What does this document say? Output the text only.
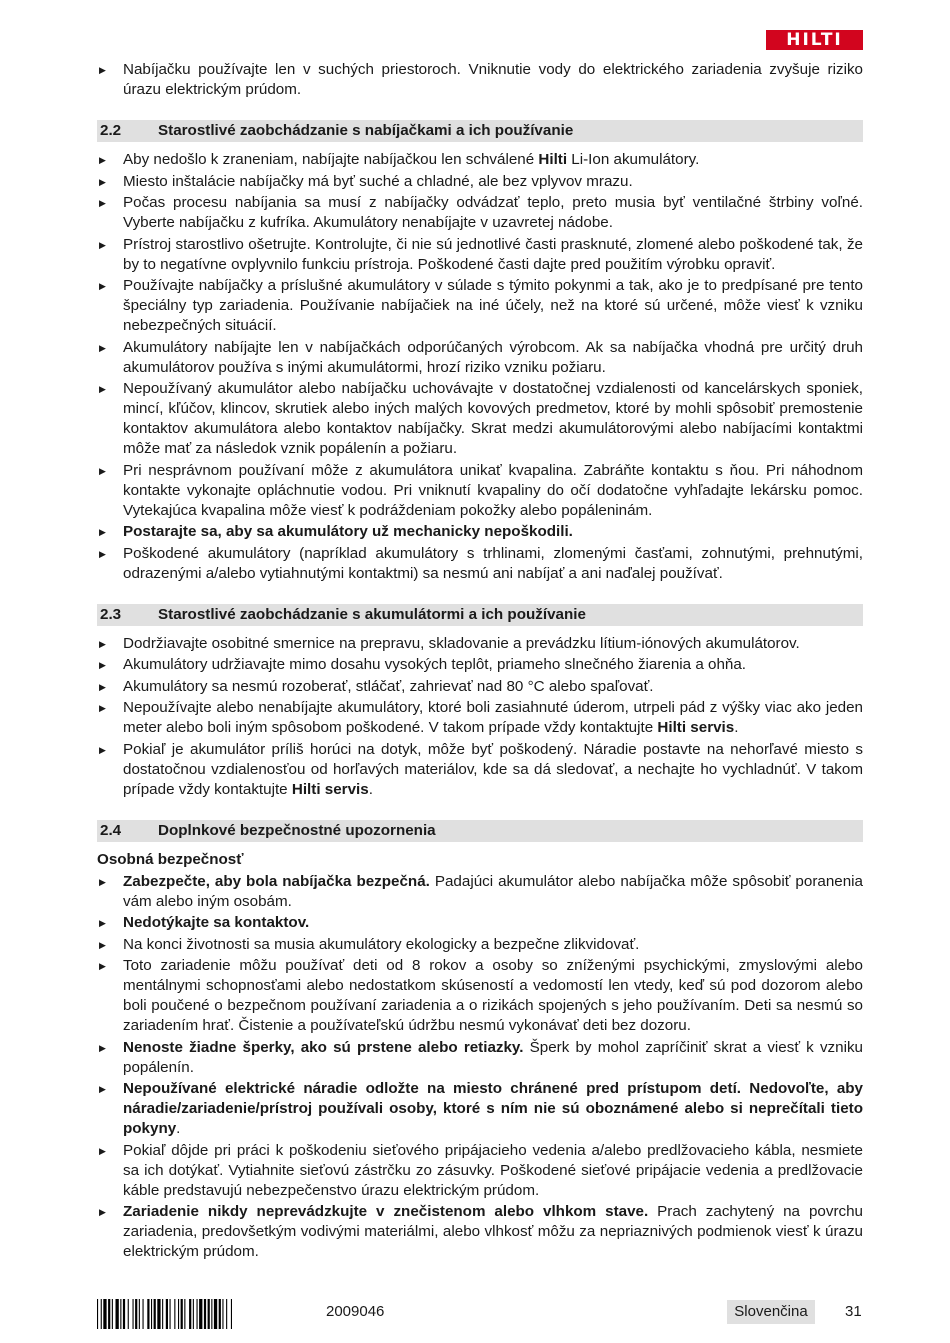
HILTI
▶ Nabíjačku používajte len v suchých priestoroch. Vniknutie vody do elektrického zariadenia zvyšuje riziko úrazu elektrickým prúdom.
2.2	Starostlivé zaobchádzanie s nabíjačkami a ich používanie
▶ Aby nedošlo k zraneniam, nabíjajte nabíjačkou len schválené Hilti Li-Ion akumulátory.
▶ Miesto inštalácie nabíjačky má byť suché a chladné, ale bez vplyvov mrazu.
▶ Počas procesu nabíjania sa musí z nabíjačky odvádzať teplo, preto musia byť ventilačné štrbiny voľné. Vyberte nabíjačku z kufríka. Akumulátory nenabíjajte v uzavretej nádobe.
▶ Prístroj starostlivo ošetrujte. Kontrolujte, či nie sú jednotlivé časti prasknuté, zlomené alebo poškodené tak, že by to negatívne ovplyvnilo funkciu prístroja. Poškodené časti dajte pred použitím výrobku opraviť.
▶ Používajte nabíjačky a príslušné akumulátory v súlade s týmito pokynmi a tak, ako je to predpísané pre tento špeciálny typ zariadenia. Používanie nabíjačiek na iné účely, než na ktoré sú určené, môže viesť k vzniku nebezpečných situácií.
▶ Akumulátory nabíjajte len v nabíjačkách odporúčaných výrobcom. Ak sa nabíjačka vhodná pre určitý druh akumulátorov používa s inými akumulátormi, hrozí riziko vzniku požiaru.
▶ Nepoužívaný akumulátor alebo nabíjačku uchovávajte v dostatočnej vzdialenosti od kancelárskych sponiek, mincí, kľúčov, klincov, skrutiek alebo iných malých kovových predmetov, ktoré by mohli spôsobiť premostenie kontaktov akumulátora alebo kontaktov nabíjačky. Skrat medzi akumulátorovými alebo nabíjacími kontaktmi môže mať za následok vznik popálenín a požiaru.
▶ Pri nesprávnom používaní môže z akumulátora unikať kvapalina. Zabráňte kontaktu s ňou. Pri náhodnom kontakte vykonajte opláchnutie vodou. Pri vniknutí kvapaliny do očí dodatočne vyhľadajte lekársku pomoc. Vytekajúca kvapalina môže viesť k podráždeniam pokožky alebo popáleninám.
▶ Postarajte sa, aby sa akumulátory už mechanicky nepoškodili.
▶ Poškodené akumulátory (napríklad akumulátory s trhlinami, zlomenými časťami, zohnutými, prehnutými, odrazenými a/alebo vytiahnutými kontaktmi) sa nesmú ani nabíjať a ani naďalej používať.
2.3	Starostlivé zaobchádzanie s akumulátormi a ich používanie
▶ Dodržiavajte osobitné smernice na prepravu, skladovanie a prevádzku lítium-iónových akumulátorov.
▶ Akumulátory udržiavajte mimo dosahu vysokých teplôt, priameho slnečného žiarenia a ohňa.
▶ Akumulátory sa nesmú rozoberať, stláčať, zahrievať nad 80 °C alebo spaľovať.
▶ Nepoužívajte alebo nenabíjajte akumulátory, ktoré boli zasiahnuté úderom, utrpeli pád z výšky viac ako jeden meter alebo boli iným spôsobom poškodené. V takom prípade vždy kontaktujte Hilti servis.
▶ Pokiaľ je akumulátor príliš horúci na dotyk, môže byť poškodený. Náradie postavte na nehorľavé miesto s dostatočnou vzdialenosťou od horľavých materiálov, kde sa dá sledovať, a nechajte ho vychladnúť. V takom prípade vždy kontaktujte Hilti servis.
2.4	Doplnkové bezpečnostné upozornenia
Osobná bezpečnosť
▶ Zabezpečte, aby bola nabíjačka bezpečná. Padajúci akumulátor alebo nabíjačka môže spôsobiť poranenia vám alebo iným osobám.
▶ Nedotýkajte sa kontaktov.
▶ Na konci životnosti sa musia akumulátory ekologicky a bezpečne zlikvidovať.
▶ Toto zariadenie môžu používať deti od 8 rokov a osoby so zníženými psychickými, zmyslovými alebo mentálnymi schopnosťami alebo nedostatkom skúseností a vedomostí len vtedy, keď sú pod dozorom alebo boli poučené o bezpečnom používaní zariadenia a o rizikách spojených s jeho používaním. Deti sa nesmú so zariadením hrať. Čistenie a používateľskú údržbu nesmú vykonávať deti bez dozoru.
▶ Nenoste žiadne šperky, ako sú prstene alebo retiazky. Šperk by mohol zapríčiniť skrat a viesť k vzniku popálenín.
▶ Nepoužívané elektrické náradie odložte na miesto chránené pred prístupom detí. Nedovoľte, aby náradie/zariadenie/prístroj používali osoby, ktoré s ním nie sú oboznámené alebo si neprečítali tieto pokyny.
▶ Pokiaľ dôjde pri práci k poškodeniu sieťového pripájacieho vedenia a/alebo predlžovacieho kábla, nesmiete sa ich dotýkať. Vytiahnite sieťovú zástrčku zo zásuvky. Poškodené sieťové pripájacie vedenia a predlžovacie káble predstavujú nebezpečenstvo úrazu elektrickým prúdom.
▶ Zariadenie nikdy neprevádzkujte v znečistenom alebo vlhkom stave. Prach zachytený na povrchu zariadenia, predovšetkým vodivými materiálmi, alebo vlhkosť môžu za nepriaznivých podmienok viesť k úrazu elektrickým prúdom.
2009046	Slovenčina	31
